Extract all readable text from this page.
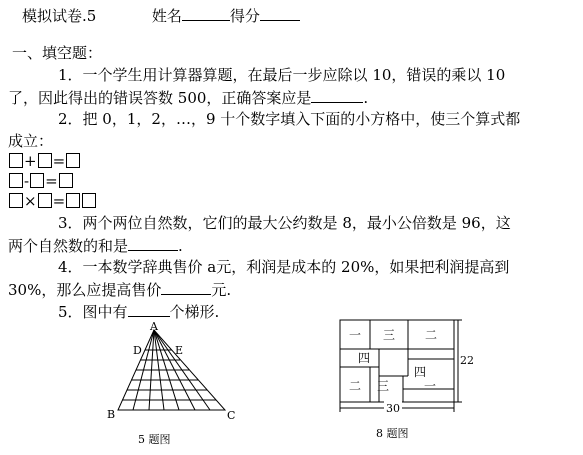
模拟试卷.5	姓名	得分
一、填空题：
1．一个学生用计算器算题，在最后一步应除以 10，错误的乘以 10
了，因此得出的错误答数 500，正确答案应是	.
2．把 0，1，2，…，9 十个数字填入下面的小方格中，使三个算式都
成立：
+ =
- =
× =
3．两个两位自然数，它们的最大公约数是 8，最小公倍数是 96，这
两个自然数的和是	.
4．一本数学辞典售价 a元，利润是成本的 20%，如果把利润提高到
30%，那么应提高售价	元.
5．图中有	个梯形.
A
D	E
B	C
5 题图
一 三 二
四
四
二 三	一
30
22
8 题图
